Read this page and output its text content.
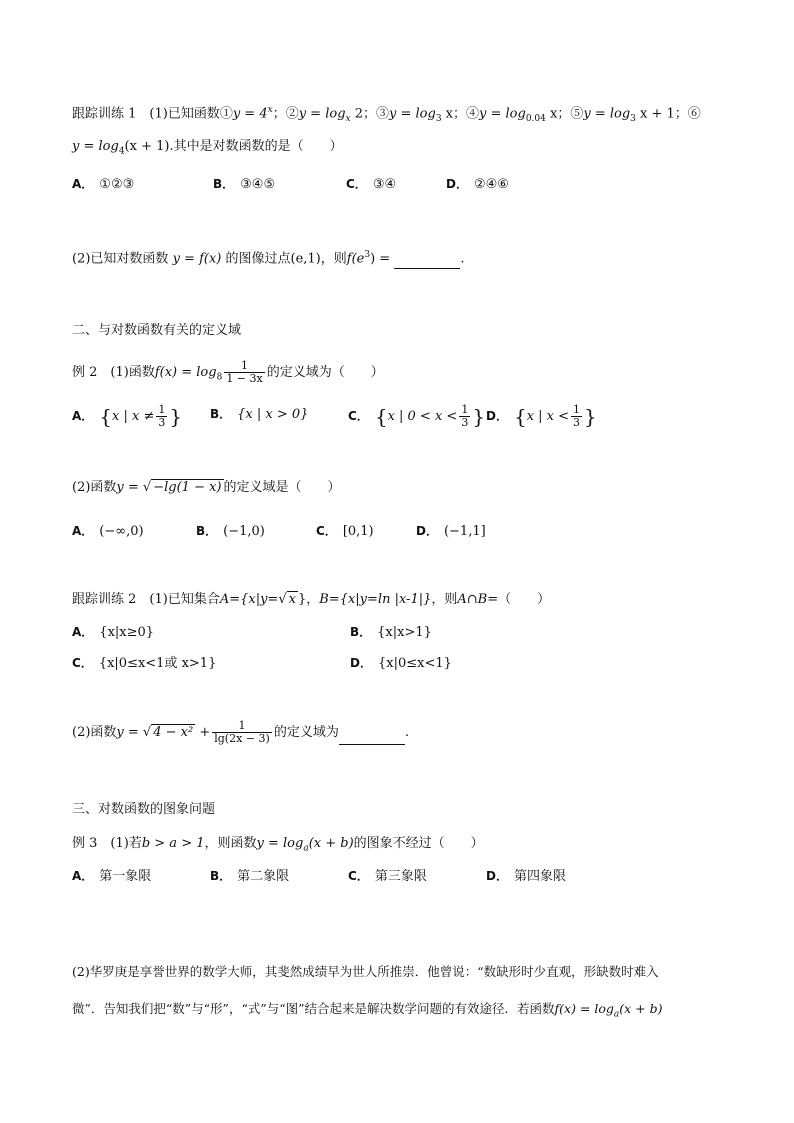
跟踪训练 1　(1)已知函数①y = $4^x$；②y = $\log_x 2$；③y = $\log_3 x$；④y = $\log_{0.04} x$；⑤y = $\log_3 x + 1$；⑥
$y = \log_4(x + 1)$.其中是对数函数的是（　　）
A． ①②③	B． ③④⑤	C． ③④	D． ②④⑥
(2)已知对数函数 y = f(x) 的图像过点(e,1)，则$f(e^3)$ =	.
二、与对数函数有关的定义域
例 2　(1)函数$f(x) = \log_8 \frac{1}{1 - 3x}$ 的定义域为（　　）
A． {x | $x \ne \frac{1}{3}$ } B． {x | x > 0}	C． {x | $0 < x < \frac{1}{3}$ } D． {x | $x < \frac{1}{3}$ }
(2)函数y = √ −lg(1 − x) 的定义域是（　　）
A． (−∞,0)	B． (−1,0)	C． [0,1)	D． (−1,1]
跟踪训练 2　(1)已知集合A={x|y=√ x }，B={x|y=ln |x-1|}，则A∩B=（　　）
A． {x|x≥0}	B． {x|x>1}
C． {x|0≤x<1或 x>1}	D． {x|0≤x<1}
(2)函数y = √ $4 - x^2 + \frac{1}{\lg(2x - 3)}$ 的定义域为	.
三、对数函数的图象问题
例 3　(1)若b > a > 1，则函数$y = \log_a(x + b)$的图象不经过（　　）
A． 第一象限	B． 第二象限	C． 第三象限	D． 第四象限
(2)华罗庚是享誉世界的数学大师，其斐然成绩早为世人所推崇．他曾说：“数缺形时少直观，形缺数时难入
微”．告知我们把“数”与“形”，“式”与“图”结合起来是解决数学问题的有效途径．若函数$f(x) = \log_a(x + b)$
